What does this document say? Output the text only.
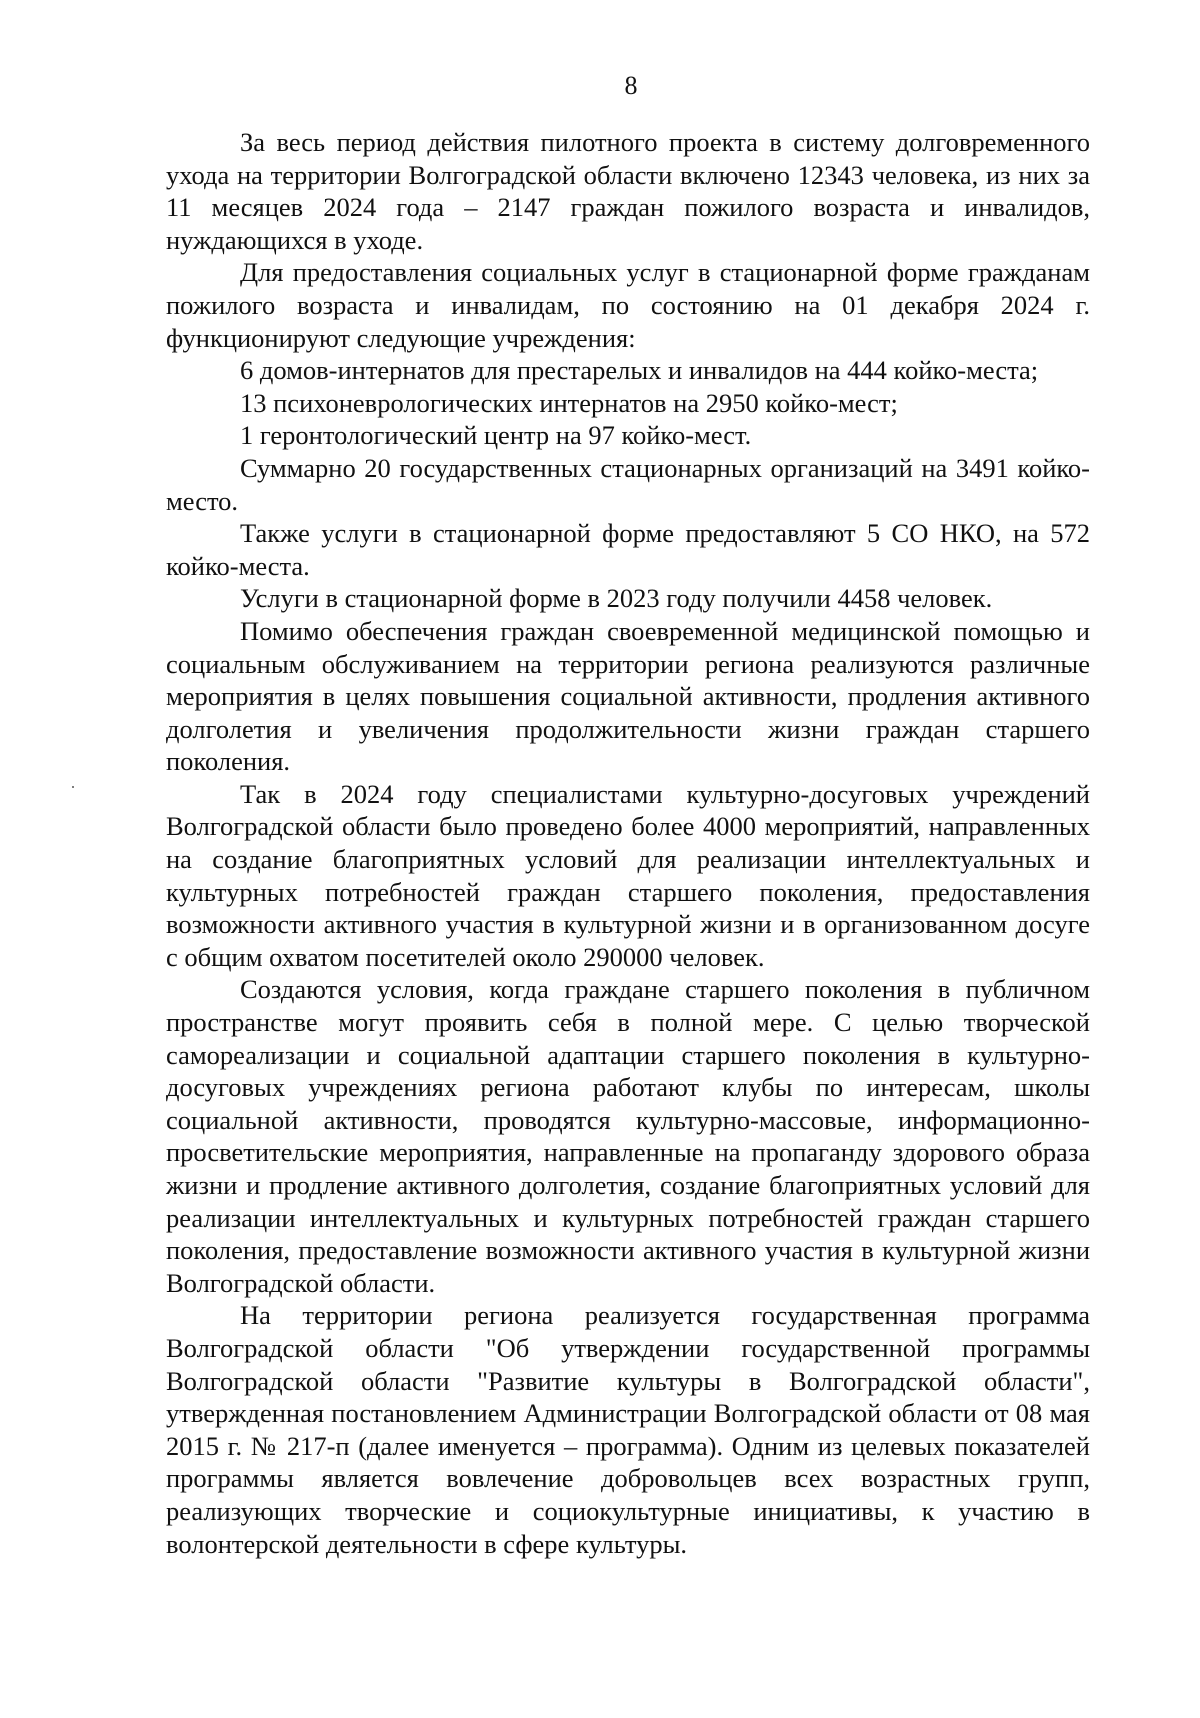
8

За весь период действия пилотного проекта в систему долговременного ухода на территории Волгоградской области включено 12343 человека, из них за 11 месяцев 2024 года – 2147 граждан пожилого возраста и инвалидов, нуждающихся в уходе.

Для предоставления социальных услуг в стационарной форме гражданам пожилого возраста и инвалидам, по состоянию на 01 декабря 2024 г. функционируют следующие учреждения:

6 домов-интернатов для престарелых и инвалидов на 444 койко-места;

13 психоневрологических интернатов на 2950 койко-мест;

1 геронтологический центр на 97 койко-мест.

Суммарно 20 государственных стационарных организаций на 3491 койко-место.

Также услуги в стационарной форме предоставляют 5 СО НКО, на 572 койко-места.

Услуги в стационарной форме в 2023 году получили 4458 человек.

Помимо обеспечения граждан своевременной медицинской помощью и социальным обслуживанием на территории региона реализуются различные мероприятия в целях повышения социальной активности, продления активного долголетия и увеличения продолжительности жизни граждан старшего поколения.

Так в 2024 году специалистами культурно-досуговых учреждений Волгоградской области было проведено более 4000 мероприятий, направленных на создание благоприятных условий для реализации интеллектуальных и культурных потребностей граждан старшего поколения, предоставления возможности активного участия в культурной жизни и в организованном досуге с общим охватом посетителей около 290000 человек.

Создаются условия, когда граждане старшего поколения в публичном пространстве могут проявить себя в полной мере. С целью творческой самореализации и социальной адаптации старшего поколения в культурно-досуговых учреждениях региона работают клубы по интересам, школы социальной активности, проводятся культурно-массовые, информационно-просветительские мероприятия, направленные на пропаганду здорового образа жизни и продление активного долголетия, создание благоприятных условий для реализации интеллектуальных и культурных потребностей граждан старшего поколения, предоставление возможности активного участия в культурной жизни Волгоградской области.

На территории региона реализуется государственная программа Волгоградской области "Об утверждении государственной программы Волгоградской области "Развитие культуры в Волгоградской области", утвержденная постановлением Администрации Волгоградской области от 08 мая 2015 г. № 217-п (далее именуется – программа). Одним из целевых показателей программы является вовлечение добровольцев всех возрастных групп, реализующих творческие и социокультурные инициативы, к участию в волонтерской деятельности в сфере культуры.
